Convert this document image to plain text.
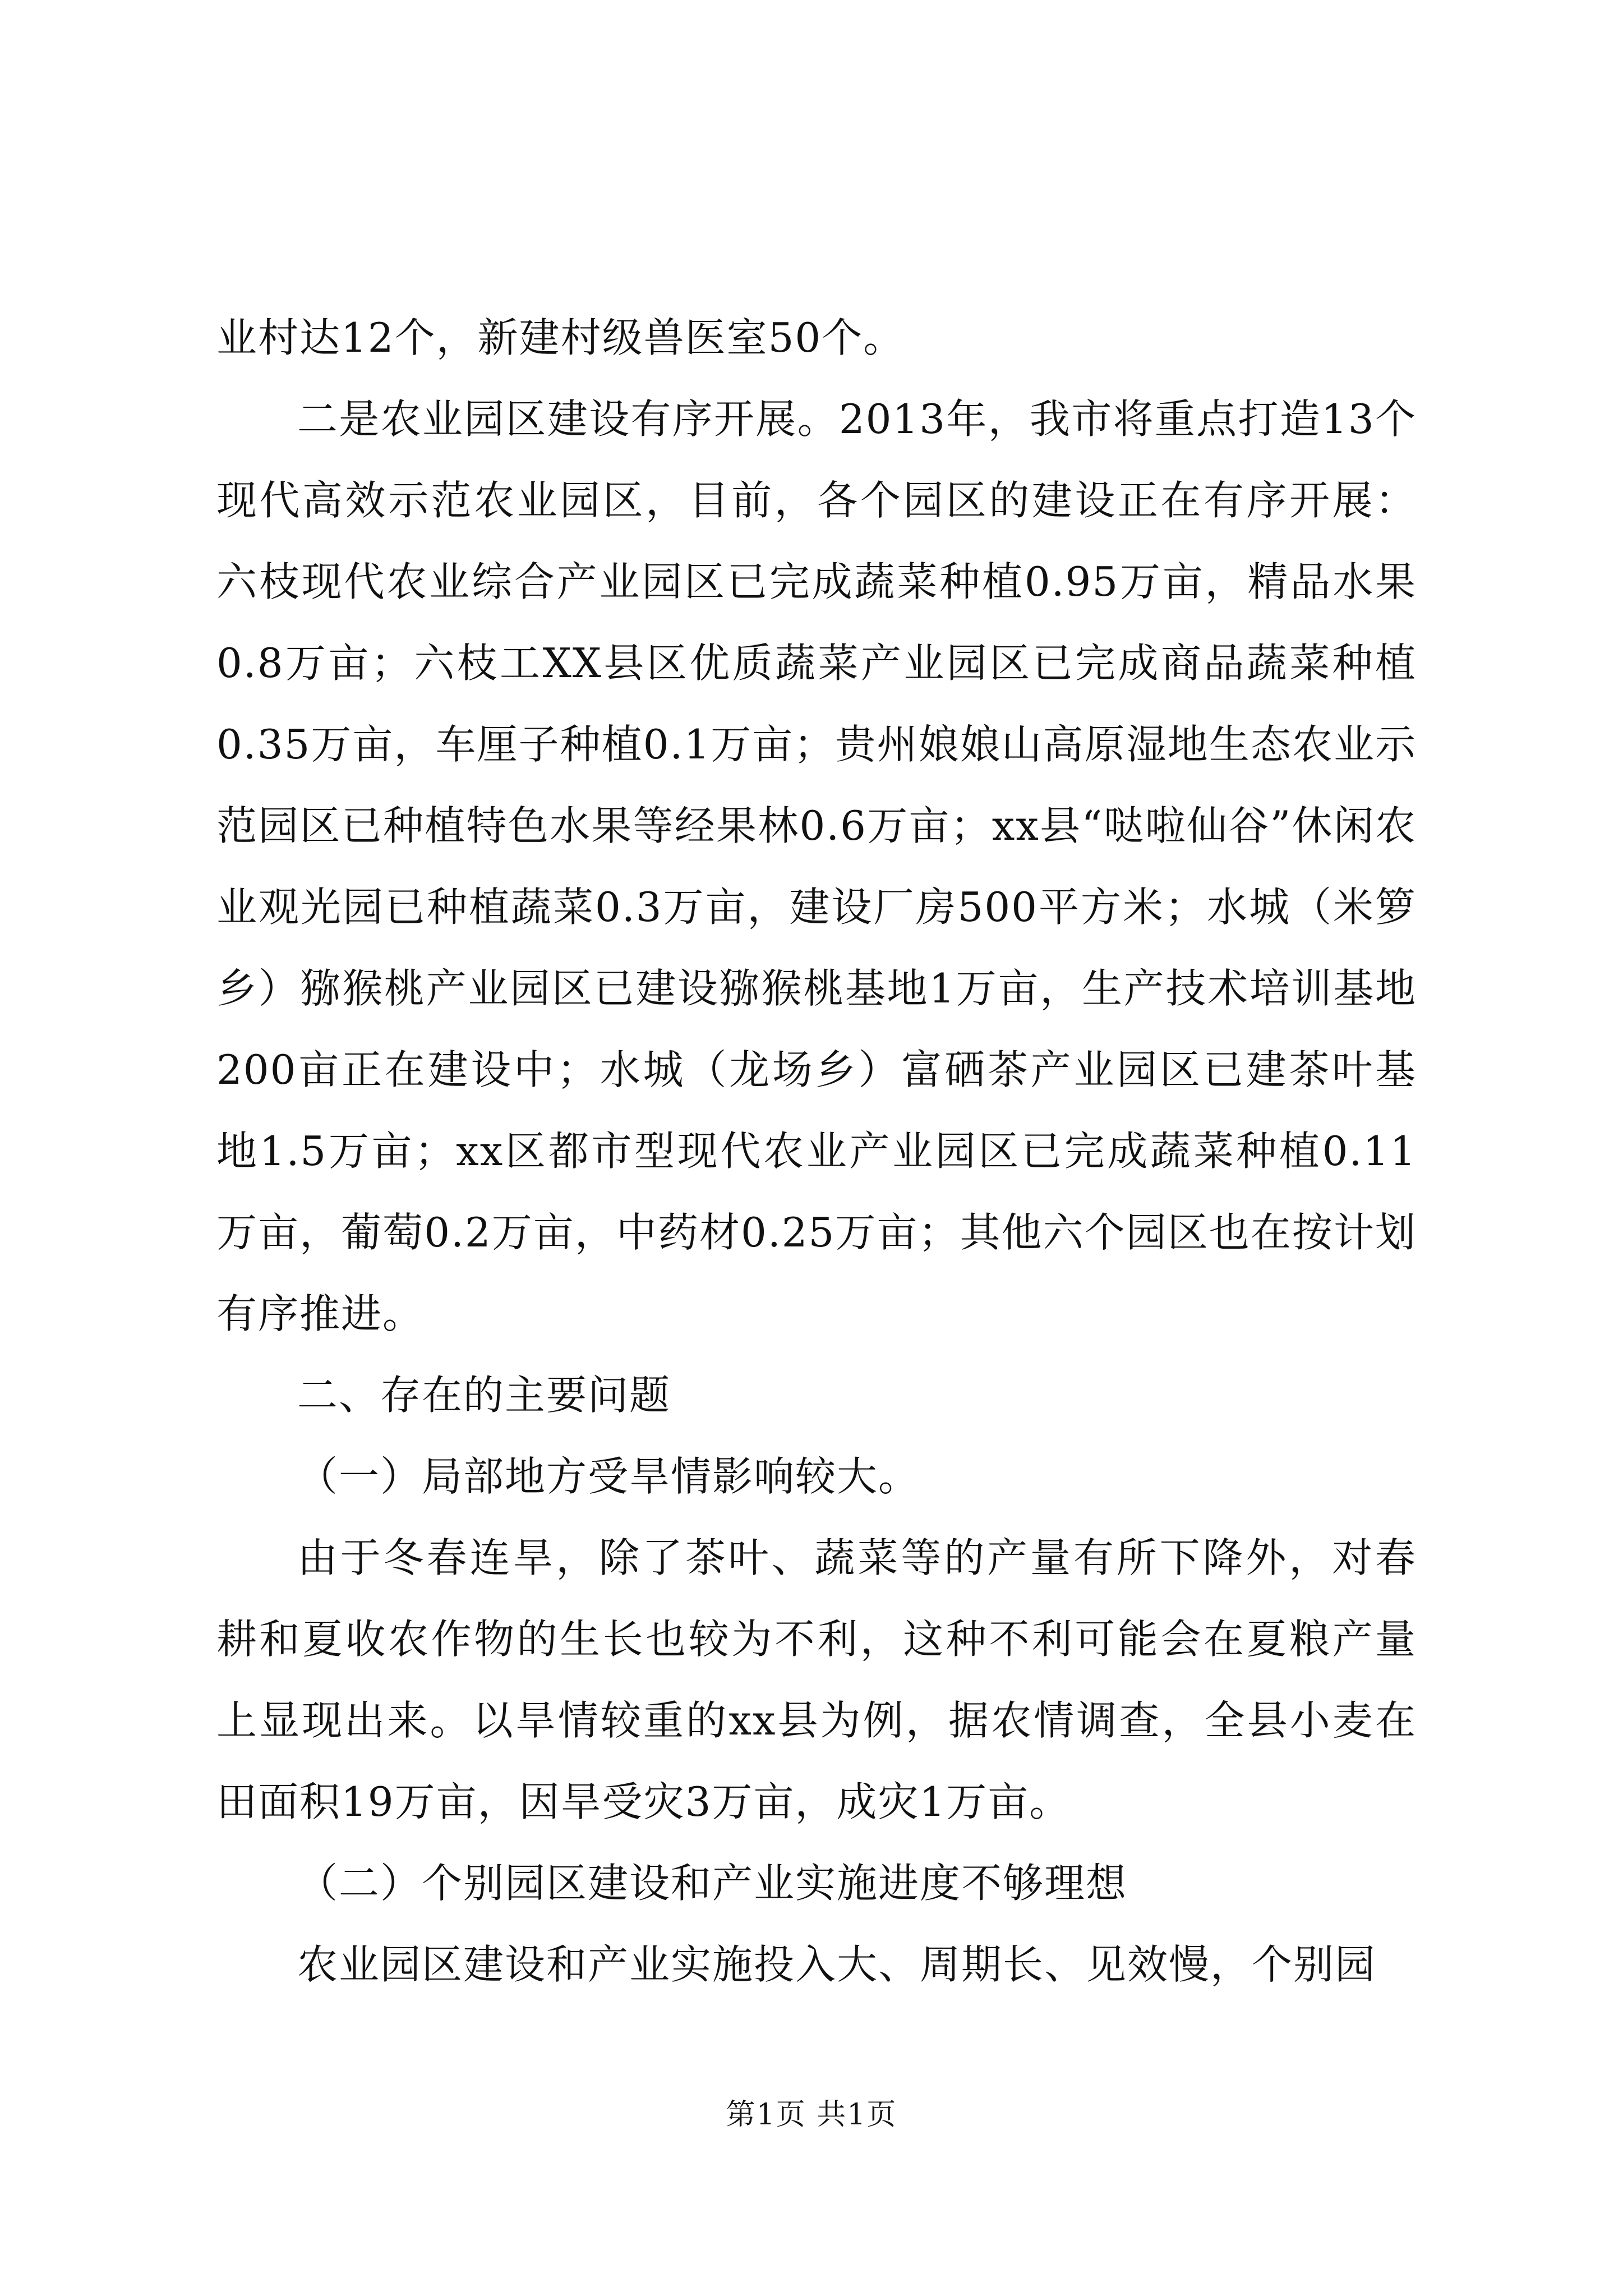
业村达12个，新建村级兽医室50个。

二是农业园区建设有序开展。2013年，我市将重点打造13个现代高效示范农业园区，目前，各个园区的建设正在有序开展：六枝现代农业综合产业园区已完成蔬菜种植0.95万亩，精品水果0.8万亩；六枝工XX县区优质蔬菜产业园区已完成商品蔬菜种植0.35万亩，车厘子种植0.1万亩；贵州娘娘山高原湿地生态农业示范园区已种植特色水果等经果林0.6万亩；xx县“哒啦仙谷”休闲农业观光园已种植蔬菜0.3万亩，建设厂房500平方米；水城（米箩乡）猕猴桃产业园区已建设猕猴桃基地1万亩，生产技术培训基地200亩正在建设中；水城（龙场乡）富硒茶产业园区已建茶叶基地1.5万亩；xx区都市型现代农业产业园区已完成蔬菜种植0.11万亩，葡萄0.2万亩，中药材0.25万亩；其他六个园区也在按计划有序推进。

二、存在的主要问题

（一）局部地方受旱情影响较大。

由于冬春连旱，除了茶叶、蔬菜等的产量有所下降外，对春耕和夏收农作物的生长也较为不利，这种不利可能会在夏粮产量上显现出来。以旱情较重的xx县为例，据农情调查，全县小麦在田面积19万亩，因旱受灾3万亩，成灾1万亩。

（二）个别园区建设和产业实施进度不够理想

农业园区建设和产业实施投入大、周期长、见效慢，个别园

第1页 共1页
